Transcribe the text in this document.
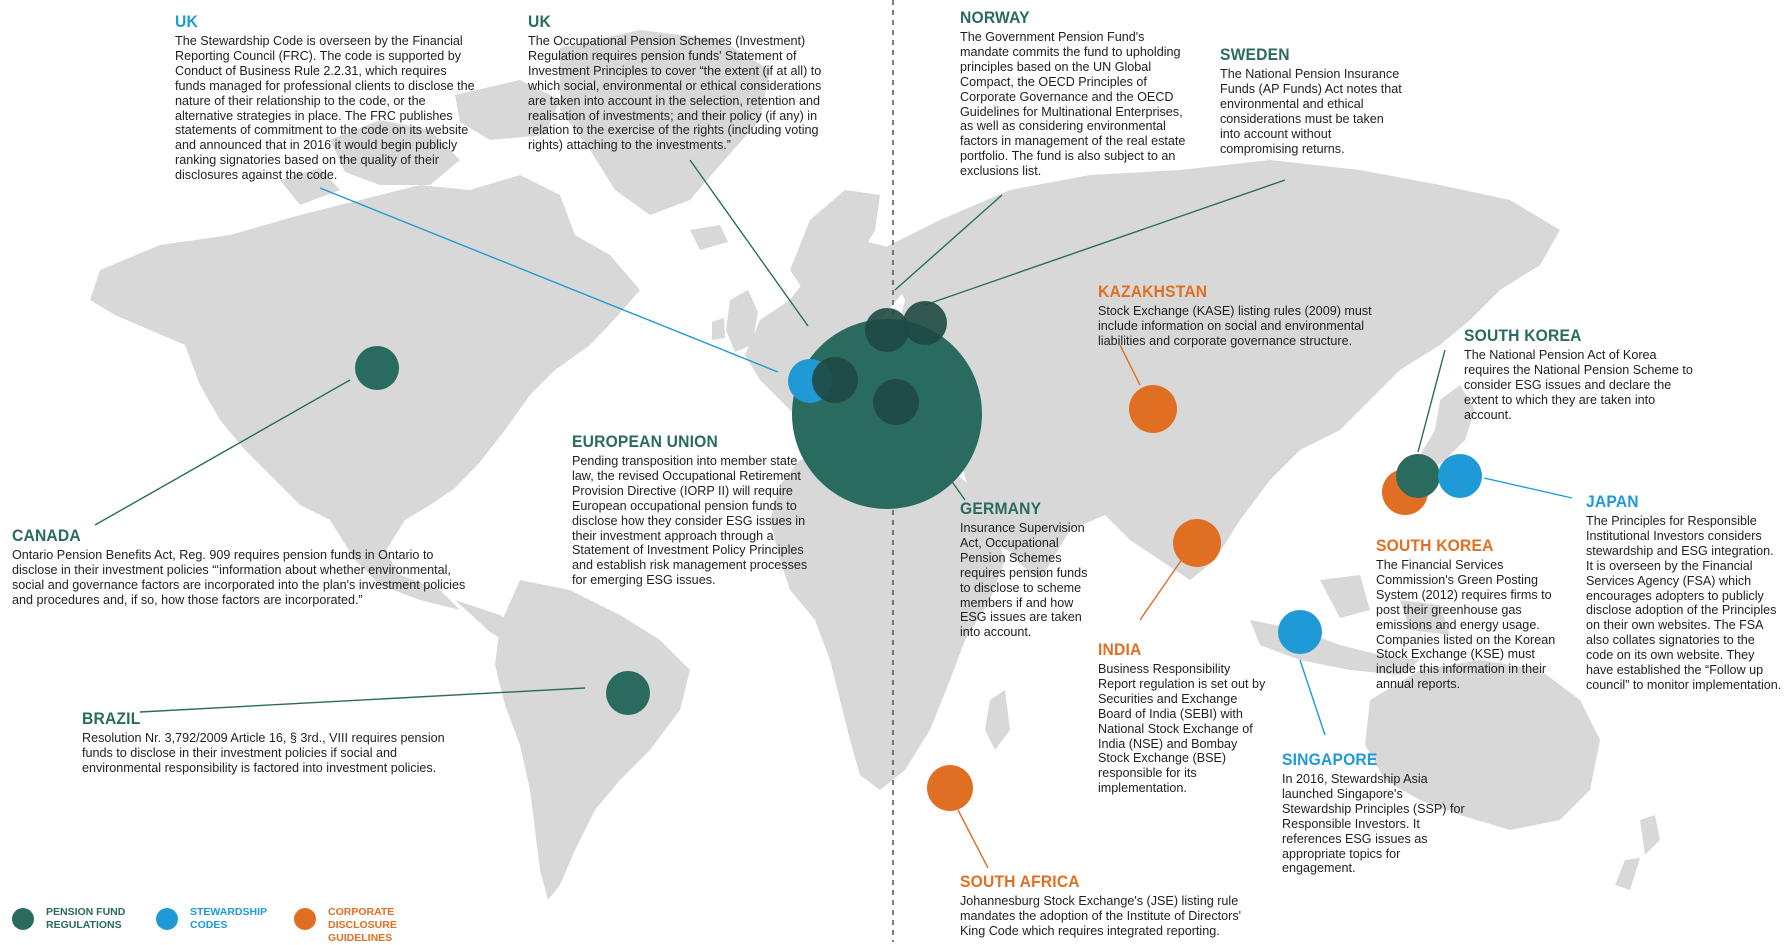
UK
The Stewardship Code is overseen by the Financial Reporting Council (FRC). The code is supported by Conduct of Business Rule 2.2.31, which requires funds managed for professional clients to disclose the nature of their relationship to the code, or the alternative strategies in place. The FRC publishes statements of commitment to the code on its website and announced that in 2016 it would begin publicly ranking signatories based on the quality of their disclosures against the code.
UK
The Occupational Pension Schemes (Investment) Regulation requires pension funds' Statement of Investment Principles to cover “the extent (if at all) to which social, environmental or ethical considerations are taken into account in the selection, retention and realisation of investments; and their policy (if any) in relation to the exercise of the rights (including voting rights) attaching to the investments.”
NORWAY
The Government Pension Fund's mandate commits the fund to upholding principles based on the UN Global Compact, the OECD Principles of Corporate Governance and the OECD Guidelines for Multinational Enterprises, as well as considering environmental factors in management of the real estate portfolio. The fund is also subject to an exclusions list.
SWEDEN
The National Pension Insurance Funds (AP Funds) Act notes that environmental and ethical considerations must be taken into account without compromising returns.
KAZAKHSTAN
Stock Exchange (KASE) listing rules (2009) must include information on social and environmental liabilities and corporate governance structure.	SOUTH KOREA
The National Pension Act of Korea requires the National Pension Scheme to consider ESG issues and declare the extent to which they are taken into account.
JAPAN
The Principles for Responsible Institutional Investors considers stewardship and ESG integration. It is overseen by the Financial Services Agency (FSA) which encourages adopters to publicly disclose adoption of the Principles on their own websites. The FSA also collates signatories to the code on its own website. They have established the “Follow up council” to monitor implementation.
SOUTH KOREA
The Financial Services Commission's Green Posting System (2012) requires firms to post their greenhouse gas emissions and energy usage. Companies listed on the Korean Stock Exchange (KSE) must include this information in their annual reports.
EUROPEAN UNION
Pending transposition into member state law, the revised Occupational Retirement Provision Directive (IORP II) will require European occupational pension funds to disclose how they consider ESG issues in their investment approach through a Statement of Investment Policy Principles and establish risk management processes for emerging ESG issues.
GERMANY
Insurance Supervision Act, Occupational Pension Schemes requires pension funds to disclose to scheme members if and how ESG issues are taken into account.
CANADA
Ontario Pension Benefits Act, Reg. 909 requires pension funds in Ontario to disclose in their investment policies “‘information about whether environmental, social and governance factors are incorporated into the plan's investment policies and procedures and, if so, how those factors are incorporated.”
INDIA
Business Responsibility Report regulation is set out by Securities and Exchange Board of India (SEBI) with National Stock Exchange of India (NSE) and Bombay Stock Exchange (BSE) responsible for its implementation.
BRAZIL
Resolution Nr. 3,792/2009 Article 16, § 3rd., VIII requires pension funds to disclose in their investment policies if social and environmental responsibility is factored into investment policies.	SINGAPORE
In 2016, Stewardship Asia launched Singapore's Stewardship Principles (SSP) for Responsible Investors. It references ESG issues as appropriate topics for engagement.
SOUTH AFRICA
Johannesburg Stock Exchange's (JSE) listing rule mandates the adoption of the Institute of Directors' King Code which requires integrated reporting.
PENSION FUND REGULATIONS
STEWARDSHIP CODES
CORPORATE DISCLOSURE GUIDELINES
